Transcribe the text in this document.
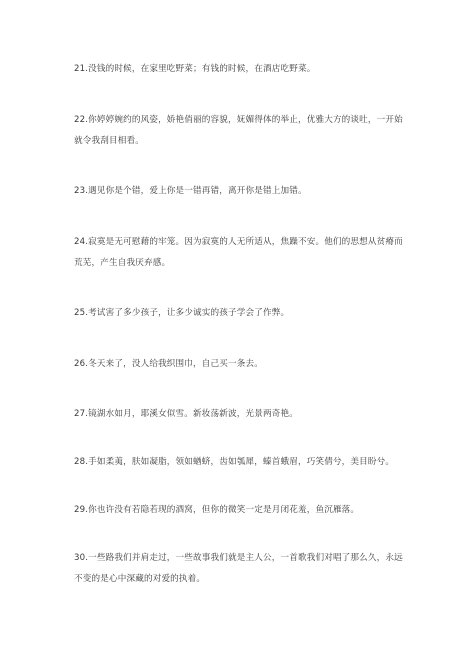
21.没钱的时候，在家里吃野菜；有钱的时候，在酒店吃野菜。
22.你婷婷婉约的风姿，娇艳俏丽的容貌，妩媚得体的举止，优雅大方的谈吐，一开始
就令我刮目相看。
23.遇见你是个错，爱上你是一错再错，离开你是错上加错。
24.寂寞是无可慰藉的牢笼。因为寂寞的人无所适从，焦躁不安。他们的思想从贫瘠而
荒芜，产生自我厌弃感。
25.考试害了多少孩子，让多少诚实的孩子学会了作弊。
26.冬天来了，没人给我织围巾，自己买一条去。
27.镜湖水如月，耶溪女似雪。新妆荡新波，光景两奇艳。
28.手如柔荑，肤如凝脂，领如蝤蛴，齿如瓠犀，螓首蛾眉，巧笑倩兮，美目盼兮。
29.你也许没有若隐若现的酒窝，但你的微笑一定是月闭花羞，鱼沉雁落。
30.一些路我们并肩走过，一些故事我们就是主人公，一首歌我们对唱了那么久，永远
不变的是心中深藏的对爱的执着。
